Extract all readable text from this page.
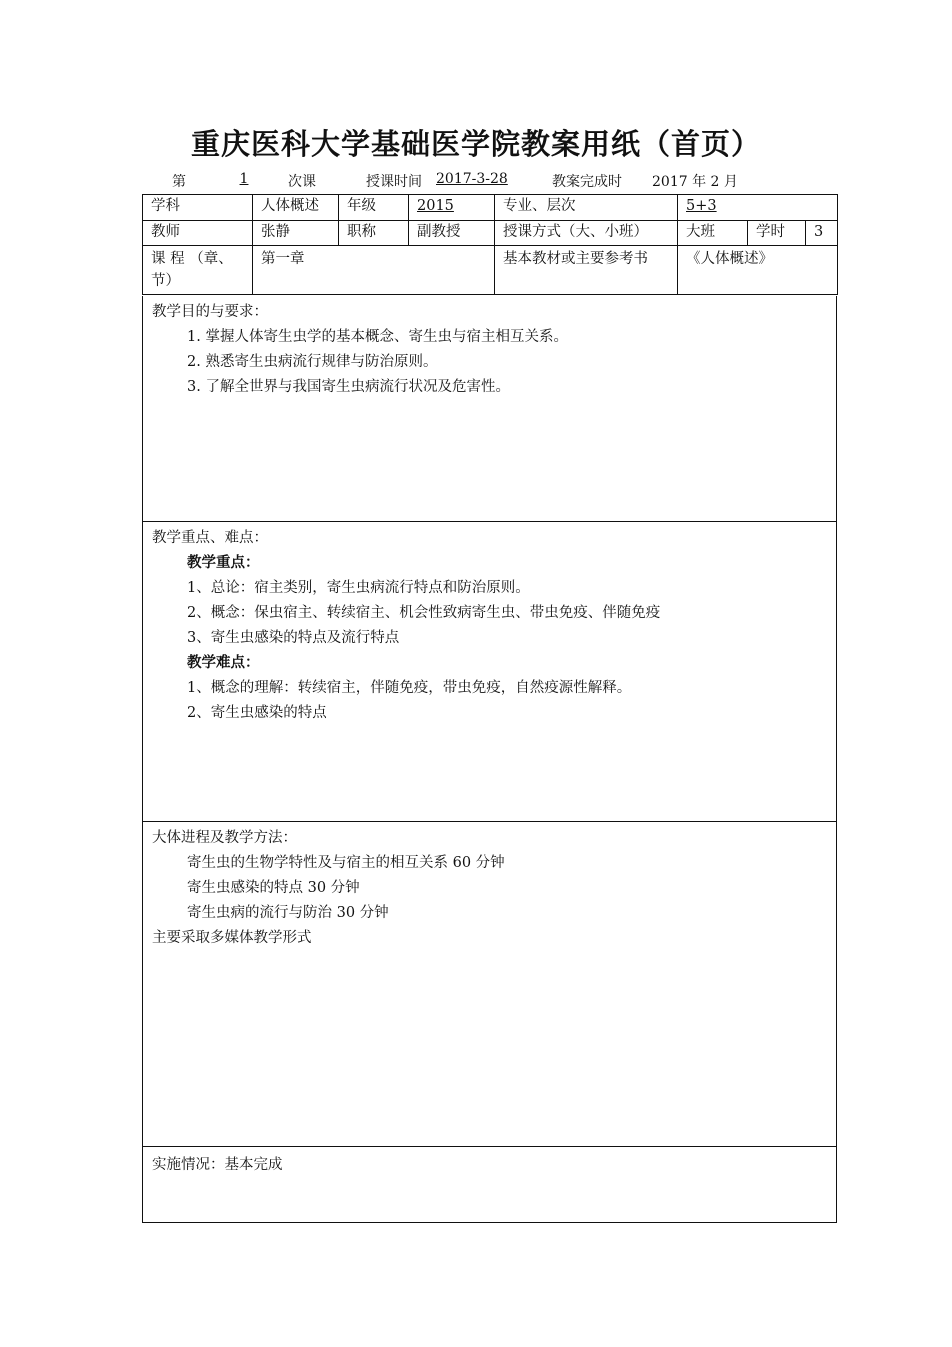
重庆医科大学基础医学院教案用纸（首页）
第	1	次课	授课时间 2017-3-28	教案完成时 2017 年 2 月
学科	人体概述	年级	2015	专业、层次	5+3		
教师	张静	职称	副教授	授课方式（大、小班）	大班	学时	3
课 程 （章、节）	第一章			基本教材或主要参考书	《人体概述》		
教学目的与要求：
1. 掌握人体寄生虫学的基本概念、寄生虫与宿主相互关系。
2. 熟悉寄生虫病流行规律与防治原则。
3. 了解全世界与我国寄生虫病流行状况及危害性。
教学重点、难点：
教学重点：
1、总论：宿主类别，寄生虫病流行特点和防治原则。
2、概念：保虫宿主、转续宿主、机会性致病寄生虫、带虫免疫、伴随免疫
3、寄生虫感染的特点及流行特点
教学难点：
1、概念的理解：转续宿主，伴随免疫，带虫免疫，自然疫源性解释。
2、寄生虫感染的特点
大体进程及教学方法：
寄生虫的生物学特性及与宿主的相互关系 60 分钟
寄生虫感染的特点 30 分钟
寄生虫病的流行与防治 30 分钟
主要采取多媒体教学形式
实施情况：基本完成
